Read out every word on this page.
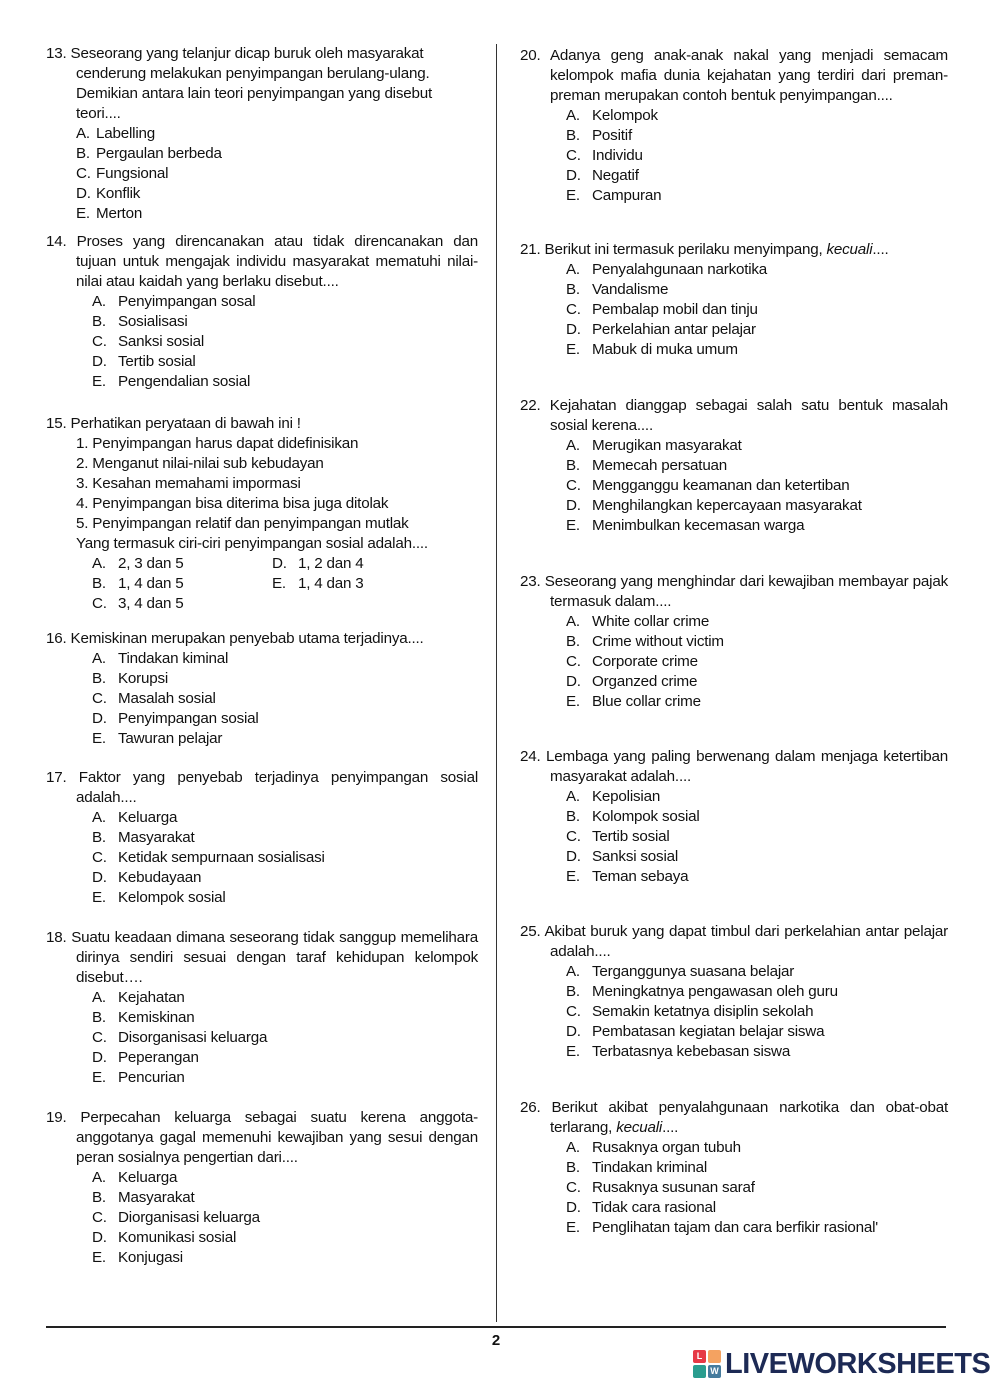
13. Seseorang yang telanjur dicap buruk oleh masyarakat cenderung melakukan penyimpangan berulang-ulang. Demikian antara lain teori penyimpangan yang disebut teori....
A. Labelling
B. Pergaulan berbeda
C. Fungsional
D. Konflik
E. Merton
14. Proses yang direncanakan atau tidak direncanakan dan tujuan untuk mengajak individu masyarakat mematuhi nilai-nilai atau kaidah yang berlaku disebut....
A. Penyimpangan sosal
B. Sosialisasi
C. Sanksi sosial
D. Tertib sosial
E. Pengendalian sosial
15. Perhatikan peryataan di bawah ini !
1. Penyimpangan harus dapat didefinisikan
2. Menganut nilai-nilai sub kebudayan
3. Kesahan memahami impormasi
4. Penyimpangan bisa diterima bisa juga ditolak
5. Penyimpangan relatif dan penyimpangan mutlak
Yang termasuk ciri-ciri penyimpangan sosial adalah....
A. 2, 3 dan 5	D. 1, 2 dan 4
B. 1, 4 dan 5	E. 1, 4 dan 3
C. 3, 4 dan 5
16. Kemiskinan merupakan penyebab utama terjadinya....
A. Tindakan kiminal
B. Korupsi
C. Masalah sosial
D. Penyimpangan sosial
E. Tawuran pelajar
17. Faktor yang penyebab terjadinya penyimpangan sosial adalah....
A. Keluarga
B. Masyarakat
C. Ketidak sempurnaan sosialisasi
D. Kebudayaan
E. Kelompok sosial
18. Suatu keadaan dimana seseorang tidak sanggup memelihara dirinya sendiri sesuai dengan taraf kehidupan kelompok disebut….
A. Kejahatan
B. Kemiskinan
C. Disorganisasi keluarga
D. Peperangan
E. Pencurian
19. Perpecahan keluarga sebagai suatu kerena anggota-anggotanya gagal memenuhi kewajiban yang sesui dengan peran sosialnya pengertian dari....
A. Keluarga
B. Masyarakat
C. Diorganisasi keluarga
D. Komunikasi sosial
E. Konjugasi
20. Adanya geng anak-anak nakal yang menjadi semacam kelompok mafia dunia kejahatan yang terdiri dari preman-preman merupakan contoh bentuk penyimpangan....
A. Kelompok
B. Positif
C. Individu
D. Negatif
E. Campuran
21. Berikut ini termasuk perilaku menyimpang, kecuali....
A. Penyalahgunaan narkotika
B. Vandalisme
C. Pembalap mobil dan tinju
D. Perkelahian antar pelajar
E. Mabuk di muka umum
22. Kejahatan dianggap sebagai salah satu bentuk masalah sosial kerena....
A. Merugikan masyarakat
B. Memecah persatuan
C. Mengganggu keamanan dan ketertiban
D. Menghilangkan kepercayaan masyarakat
E. Menimbulkan kecemasan warga
23. Seseorang yang menghindar dari kewajiban membayar pajak termasuk dalam....
A. White collar crime
B. Crime without victim
C. Corporate crime
D. Organzed crime
E. Blue collar crime
24. Lembaga yang paling berwenang dalam menjaga ketertiban masyarakat adalah....
A. Kepolisian
B. Kolompok sosial
C. Tertib sosial
D. Sanksi sosial
E. Teman sebaya
25. Akibat buruk yang dapat timbul dari perkelahian antar pelajar adalah....
A. Terganggunya suasana belajar
B. Meningkatnya pengawasan oleh guru
C. Semakin ketatnya disiplin sekolah
D. Pembatasan kegiatan belajar siswa
E. Terbatasnya kebebasan siswa
26. Berikut akibat penyalahgunaan narkotika dan obat-obat terlarang, kecuali....
A. Rusaknya organ tubuh
B. Tindakan kriminal
C. Rusaknya susunan saraf
D. Tidak cara rasional
E. Penglihatan tajam dan cara berfikir rasional'
2
L
W LIVEWORKSHEETS
